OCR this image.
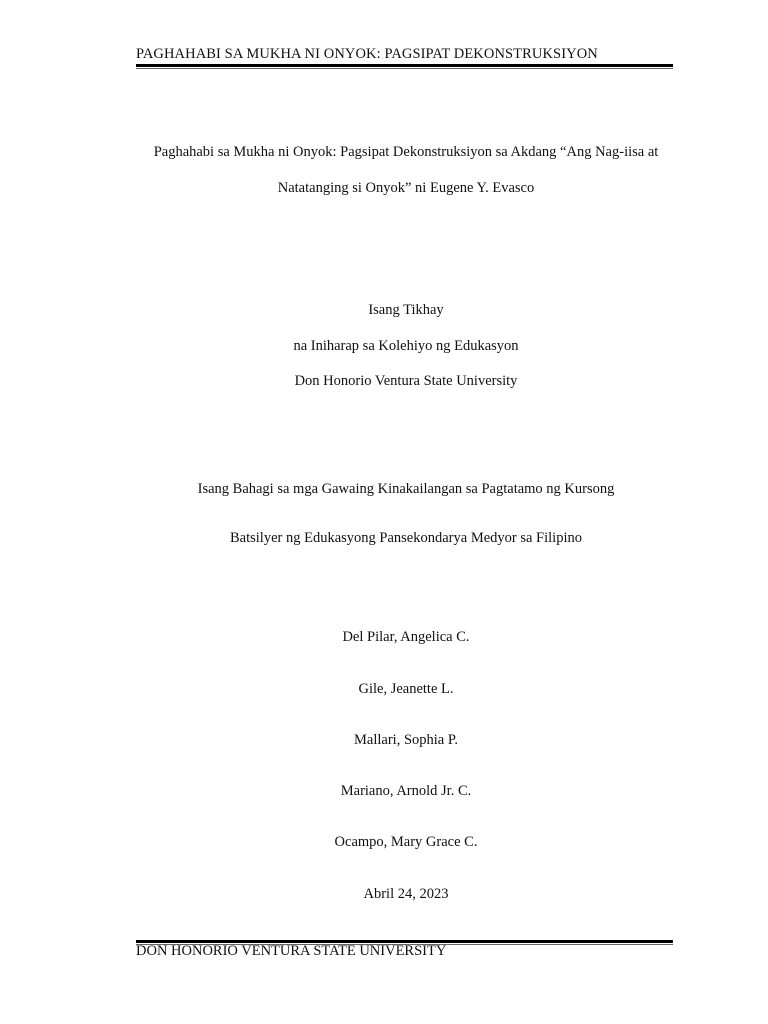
PAGHAHABI SA MUKHA NI ONYOK: PAGSIPAT DEKONSTRUKSIYON
Paghahabi sa Mukha ni Onyok: Pagsipat Dekonstruksiyon sa Akdang “Ang Nag-iisa at
Natatanging si Onyok” ni Eugene Y. Evasco
Isang Tikhay
na Iniharap sa Kolehiyo ng Edukasyon
Don Honorio Ventura State University
Isang Bahagi sa mga Gawaing Kinakailangan sa Pagtatamo ng Kursong
Batsilyer ng Edukasyong Pansekondarya Medyor sa Filipino
Del Pilar, Angelica C.
Gile, Jeanette L.
Mallari, Sophia P.
Mariano, Arnold Jr. C.
Ocampo, Mary Grace C.
Abril 24, 2023
DON HONORIO VENTURA STATE UNIVERSITY
